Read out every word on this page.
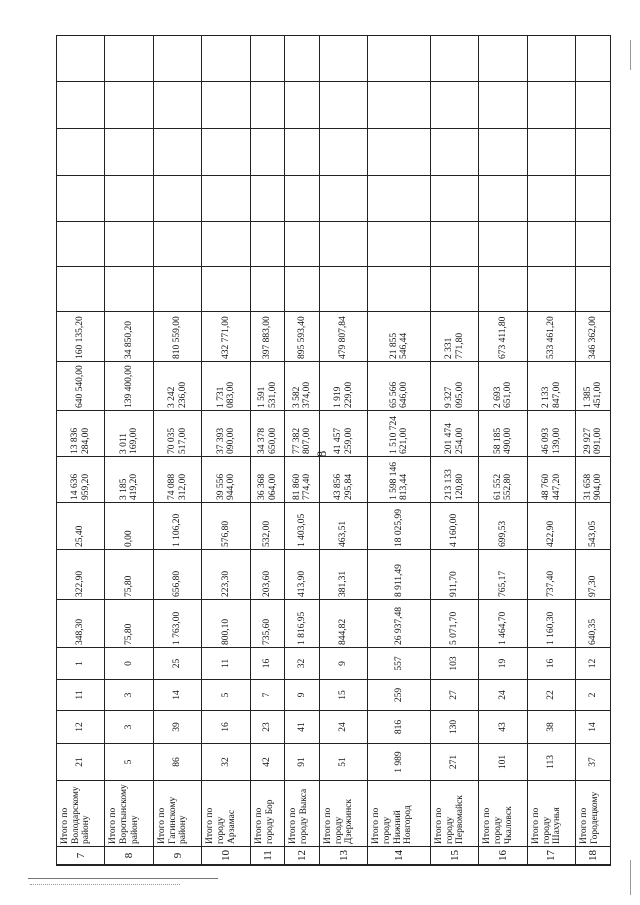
8
7	Итого по Володарскому району	21	12	11	1	348,30	322,90	25,40	14 636 959,20	13 836 284,00	640 540,00	160 135,20						
8	Итого по Воротынскому району	5	3	3	0	75,80	75,80	0,00	3 185 419,20	3 011 169,00	139 400,00	34 850,20						
9	Итого по Гагинскому району	86	39	14	25	1 763,00	656,80	1 106,20	74 088 312,00	70 035 517,00	3 242 236,00	810 559,00						
10	Итого по городу Арзамас	32	16	5	11	800,10	223,30	576,80	39 556 944,00	37 393 090,00	1 731 083,00	432 771,00						
11	Итого по городу Бор	42	23	7	16	735,60	203,60	532,00	36 368 064,00	34 378 650,00	1 591 531,00	397 883,00						
12	Итого по городу Выкса	91	41	9	32	1 816,95	413,90	1 403,05	81 860 774,40	77 382 807,00	3 582 374,00	895 593,40						
13	Итого по городу Дзержинск	51	24	15	9	844,82	381,31	463,51	43 856 295,84	41 457 259,00	1 919 229,00	479 807,84						
14	Итого по городу Нижний Новгород	1 989	816	259	557	26 937,48	8 911,49	18 025,99	1 598 146 813,44	1 510 724 621,00	65 566 646,00	21 855 546,44						
15	Итого по городу Первомайск	271	130	27	103	5 071,70	911,70	4 160,00	213 133 120,80	201 474 254,00	9 327 095,00	2 331 771,80						
16	Итого по городу Чкаловск	101	43	24	19	1 464,70	765,17	699,53	61 552 552,80	58 185 490,00	2 693 651,00	673 411,80						
17	Итого по городу Шахунья	113	38	22	16	1 160,30	737,40	422,90	48 760 447,20	46 093 139,00	2 133 847,00	533 461,20						
18	Итого по Городецкому	37	14	2	12	640,35	97,30	543,05	31 658 904,00	29 927 091,00	1 385 451,00	346 362,00						
